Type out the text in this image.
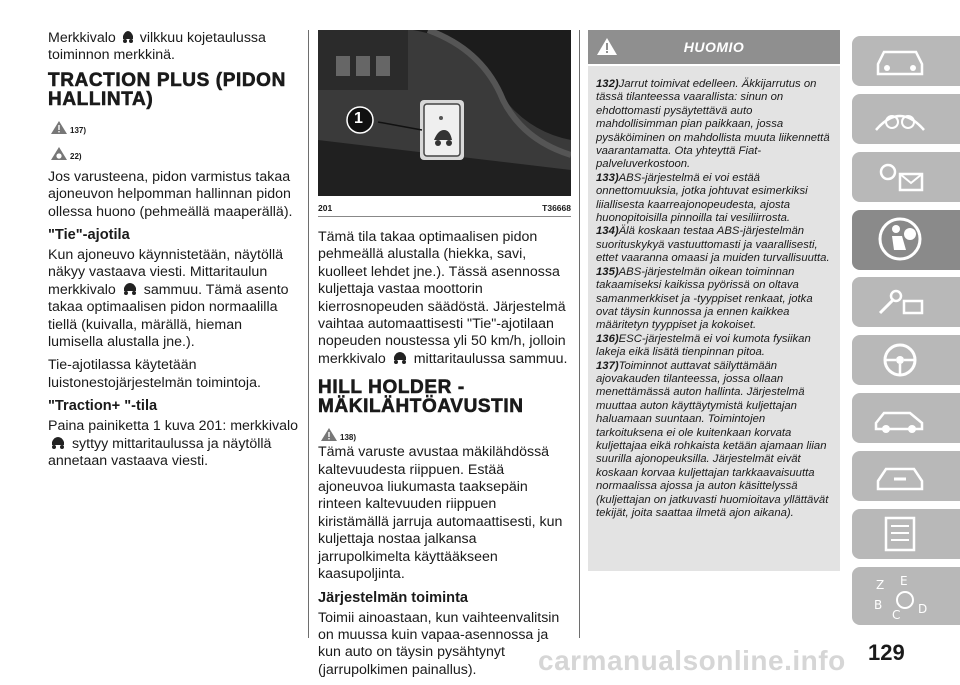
Merkkivalo vilkkuu kojetaulussa toiminnon merkkinä.

TRACTION PLUS (PIDON HALLINTA)
137)
22)

Jos varusteena, pidon varmistus takaa ajoneuvon helpomman hallinnan pidon ollessa huono (pehmeällä maaperällä).

"Tie"-ajotila

Kun ajoneuvo käynnistetään, näytöllä näkyy vastaava viesti. Mittaritaulun merkkivalo sammuu. Tämä asento takaa optimaalisen pidon normaalilla tiellä (kuivalla, märällä, hieman lumisella alustalla jne.).

Tie-ajotilassa käytetään luistonestojärjestelmän toimintoja.

"Traction+ "-tila

Paina painiketta 1 kuva 201: merkkivalo
syttyy mittaritaulussa ja näytöllä annetaan vastaava viesti.

1
201	T36668

Tämä tila takaa optimaalisen pidon pehmeällä alustalla (hiekka, savi, kuolleet lehdet jne.). Tässä asennossa kuljettaja vastaa moottorin kierrosnopeuden säädöstä. Järjestelmä vaihtaa automaattisesti "Tie"-ajotilaan nopeuden noustessa yli 50 km/h, jolloin merkkivalo mittaritaulussa sammuu.

HILL HOLDER -MÄKILÄHTÖAVUSTIN
138)

Tämä varuste avustaa mäkilähdössä kaltevuudesta riippuen. Estää ajoneuvoa liukumasta taaksepäin rinteen kaltevuuden riippuen kiristämällä jarruja automaattisesti, kun kuljettaja nostaa jalkansa jarrupolkimelta käyttääkseen kaasupoljinta.

Järjestelmän toiminta

Toimii ainoastaan, kun vaihteenvalitsin on muussa kuin vapaa-asennossa ja kun auto on täysin pysähtynyt (jarrupolkimen painallus).

HUOMIO

132)Jarrut toimivat edelleen. Äkkijarrutus on tässä tilanteessa vaarallista: sinun on ehdottomasti pysäytettävä auto mahdollisimman pian paikkaan, jossa pysäköiminen on mahdollista muuta liikennettä vaarantamatta. Ota yhteyttä Fiat-palveluverkostoon.

133)ABS-järjestelmä ei voi estää onnettomuuksia, jotka johtuvat esimerkiksi liiallisesta kaarreajonopeudesta, ajosta huonopitoisilla pinnoilla tai vesiliirrosta.

134)Älä koskaan testaa ABS-järjestelmän suorituskykyä vastuuttomasti ja vaarallisesti, ettet vaaranna omaasi ja muiden turvallisuutta.

135)ABS-järjestelmän oikean toiminnan takaamiseksi kaikissa pyörissä on oltava samanmerkkiset ja -tyyppiset renkaat, jotka ovat täysin kunnossa ja ennen kaikkea määritetyn tyyppiset ja kokoiset.

136)ESC-järjestelmä ei voi kumota fysiikan lakeja eikä lisätä tienpinnan pitoa.

137)Toiminnot auttavat säilyttämään ajovakauden tilanteessa, jossa ollaan menettämässä auton hallinta. Järjestelmä muuttaa auton käyttäytymistä kuljettajan haluamaan suuntaan. Toimintojen tarkoituksena ei ole kuitenkaan korvata kuljettajaa eikä rohkaista ketään ajamaan liian suurilla ajonopeuksilla. Järjestelmät eivät koskaan korvaa kuljettajan tarkkaavaisuutta normaalissa ajossa ja auton käsittelyssä (kuljettajan on jatkuvasti huomioitava yllättävät tekijät, joita saattaa ilmetä ajon aikana).

Z E
B
C D
129
carmanualsonline.info
